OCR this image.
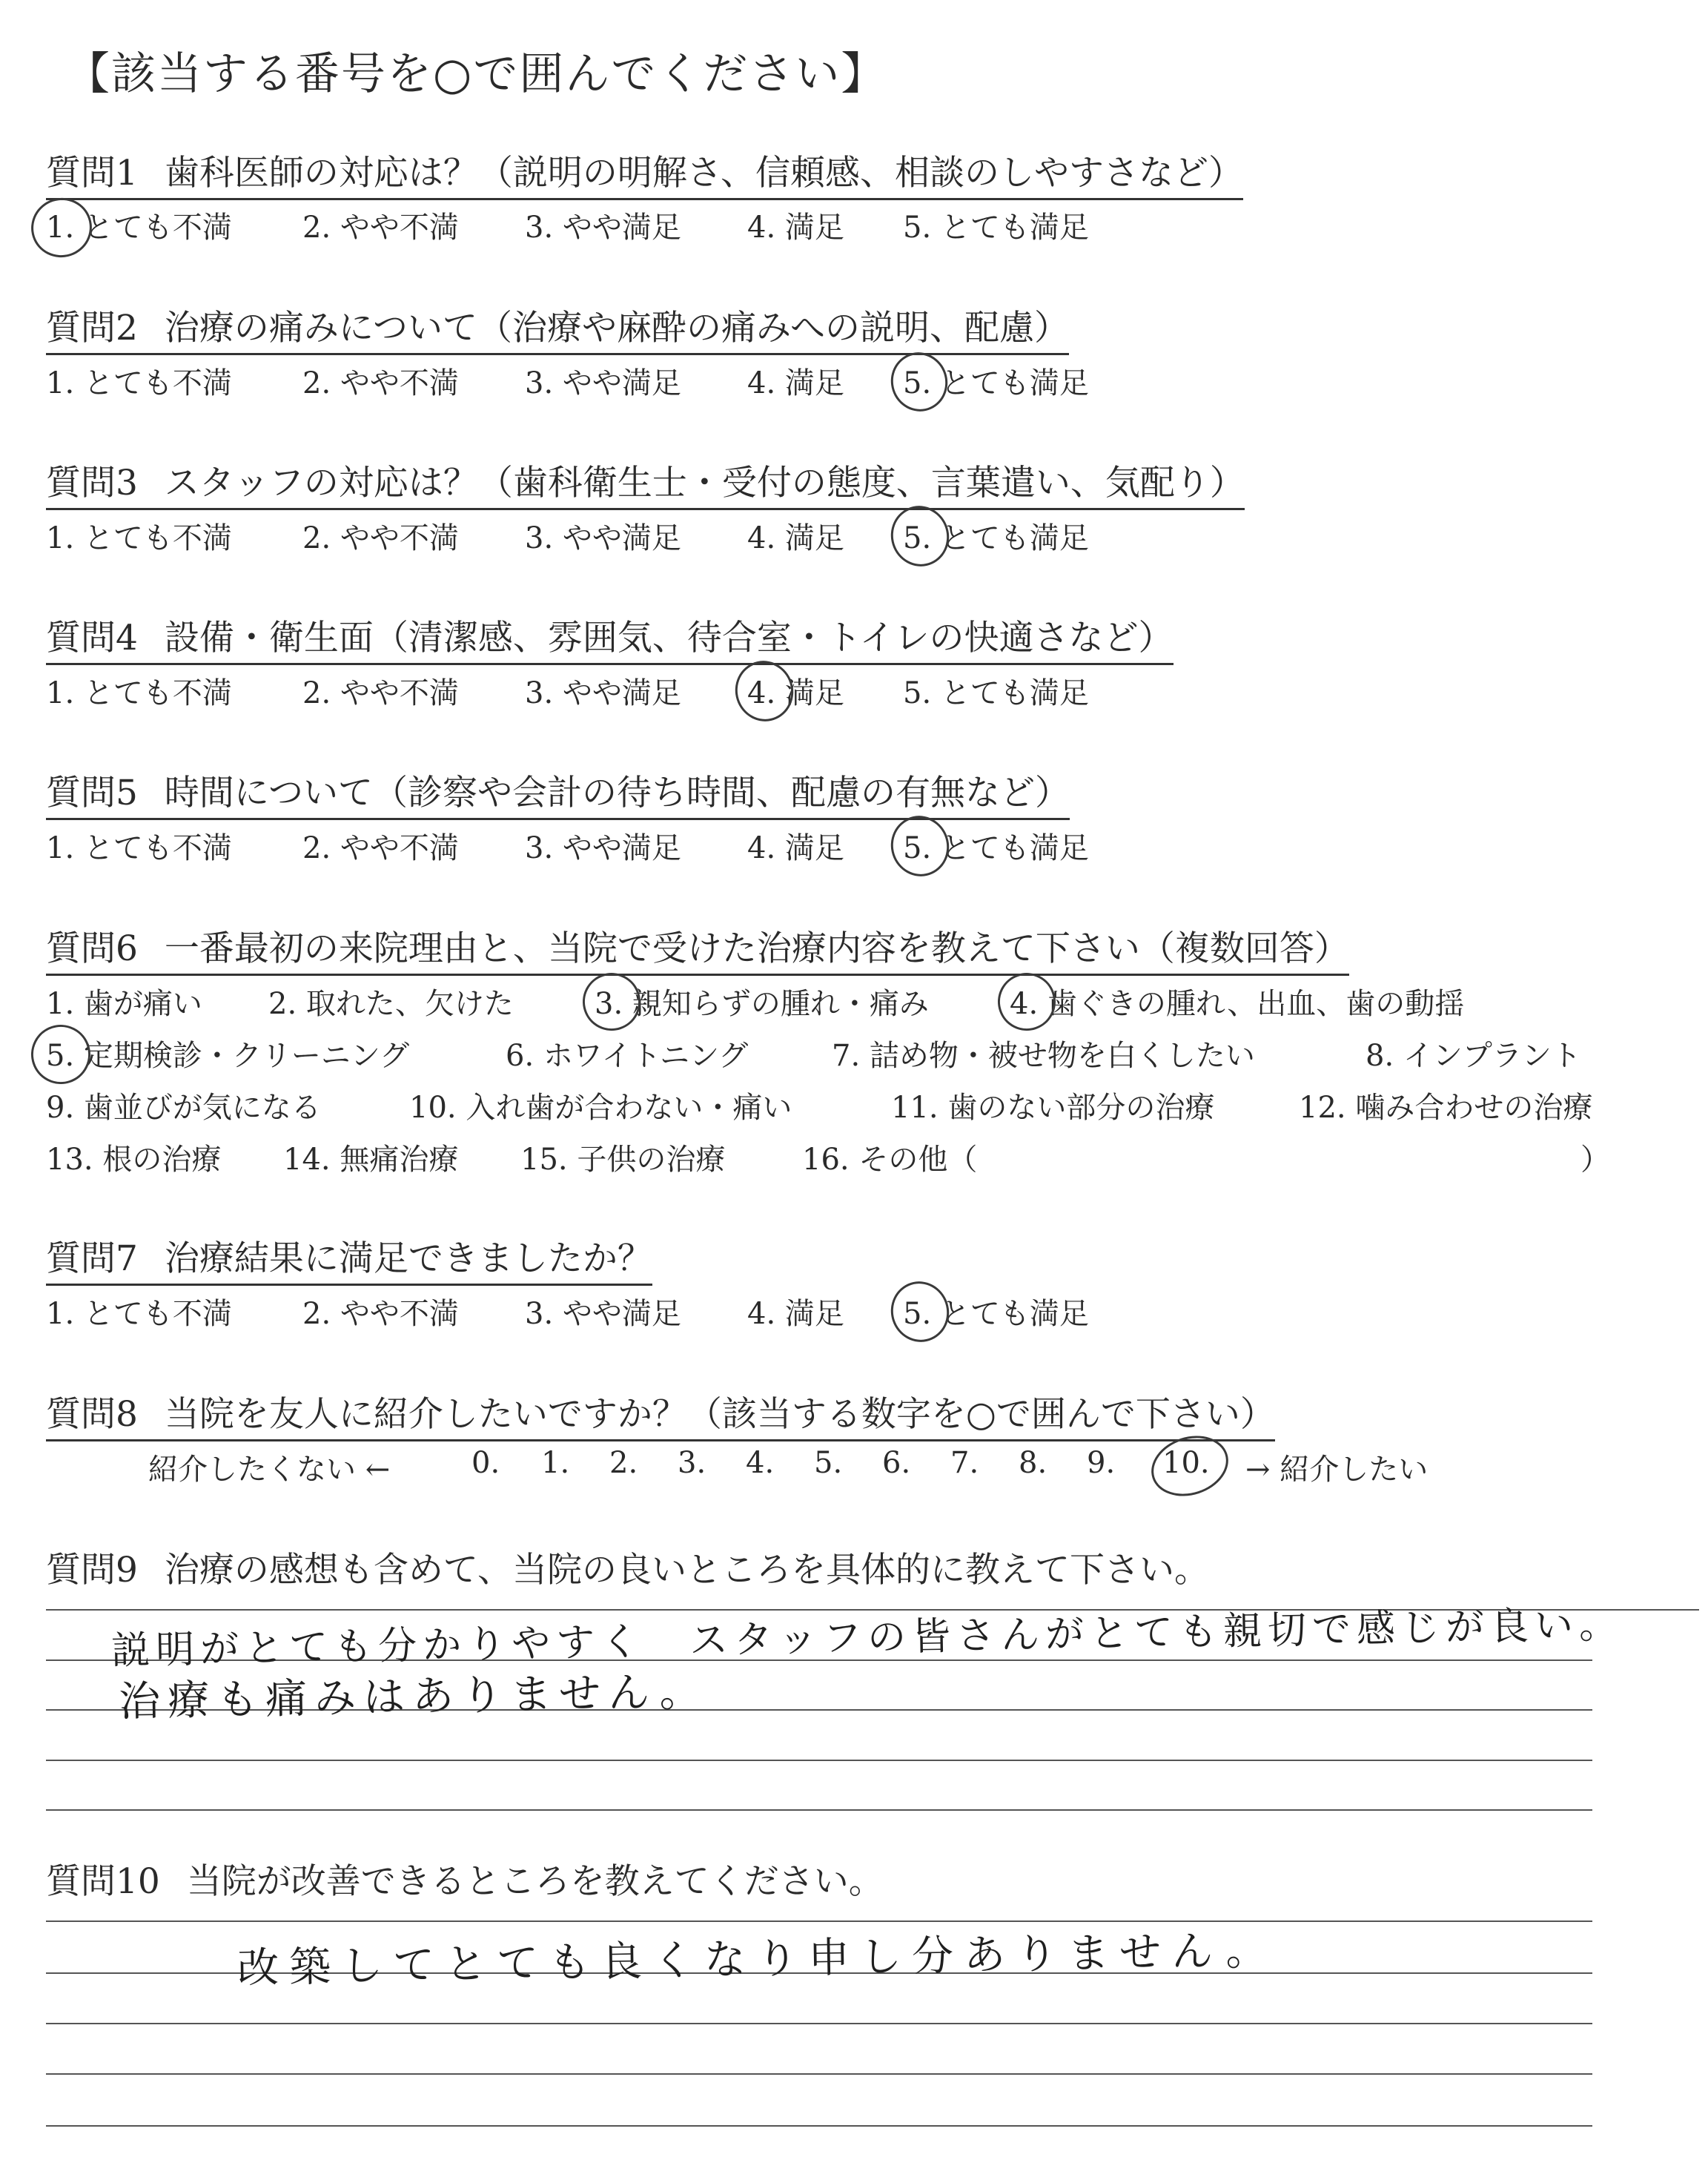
【該当する番号を○で囲んでください】
質問1 歯科医師の対応は？（説明の明解さ、信頼感、相談のしやすさなど）
1. とても不満 2. やや不満 3. やや満足 4. 満足 5. とても満足
質問2 治療の痛みについて（治療や麻酔の痛みへの説明、配慮）
1. とても不満 2. やや不満 3. やや満足 4. 満足 5. とても満足
質問3 スタッフの対応は？（歯科衛生士・受付の態度、言葉遣い、気配り）
1. とても不満 2. やや不満 3. やや満足 4. 満足 5. とても満足
質問4 設備・衛生面（清潔感、雰囲気、待合室・トイレの快適さなど）
1. とても不満 2. やや不満 3. やや満足 4. 満足 5. とても満足
質問5 時間について（診察や会計の待ち時間、配慮の有無など）
1. とても不満 2. やや不満 3. やや満足 4. 満足 5. とても満足
質問6 一番最初の来院理由と、当院で受けた治療内容を教えて下さい（複数回答）
1. 歯が痛い 2. 取れた、欠けた	3. 親知らずの腫れ・痛み	4. 歯ぐきの腫れ、出血、歯の動揺
5. 定期検診・クリーニング	6. ホワイトニング	7. 詰め物・被せ物を白くしたい	8. インプラント
9. 歯並びが気になる	10. 入れ歯が合わない・痛い	11. 歯のない部分の治療	12. 噛み合わせの治療
13. 根の治療 14. 無痛治療 15. 子供の治療	16. その他（	）
質問7 治療結果に満足できましたか？
1. とても不満 2. やや不満 3. やや満足 4. 満足 5. とても満足
質問8 当院を友人に紹介したいですか？（該当する数字を○で囲んで下さい）
紹介したくない ←	0. 1. 2. 3. 4. 5. 6. 7. 8. 9. 10. → 紹介したい
質問9 治療の感想も含めて、当院の良いところを具体的に教えて下さい。
説明がとても分かりやすく　スタッフの皆さんがとても親切で感じが良い。
治療も痛みはありません。
質問10 当院が改善できるところを教えてください。
改築してとても良くなり申し分ありません。
